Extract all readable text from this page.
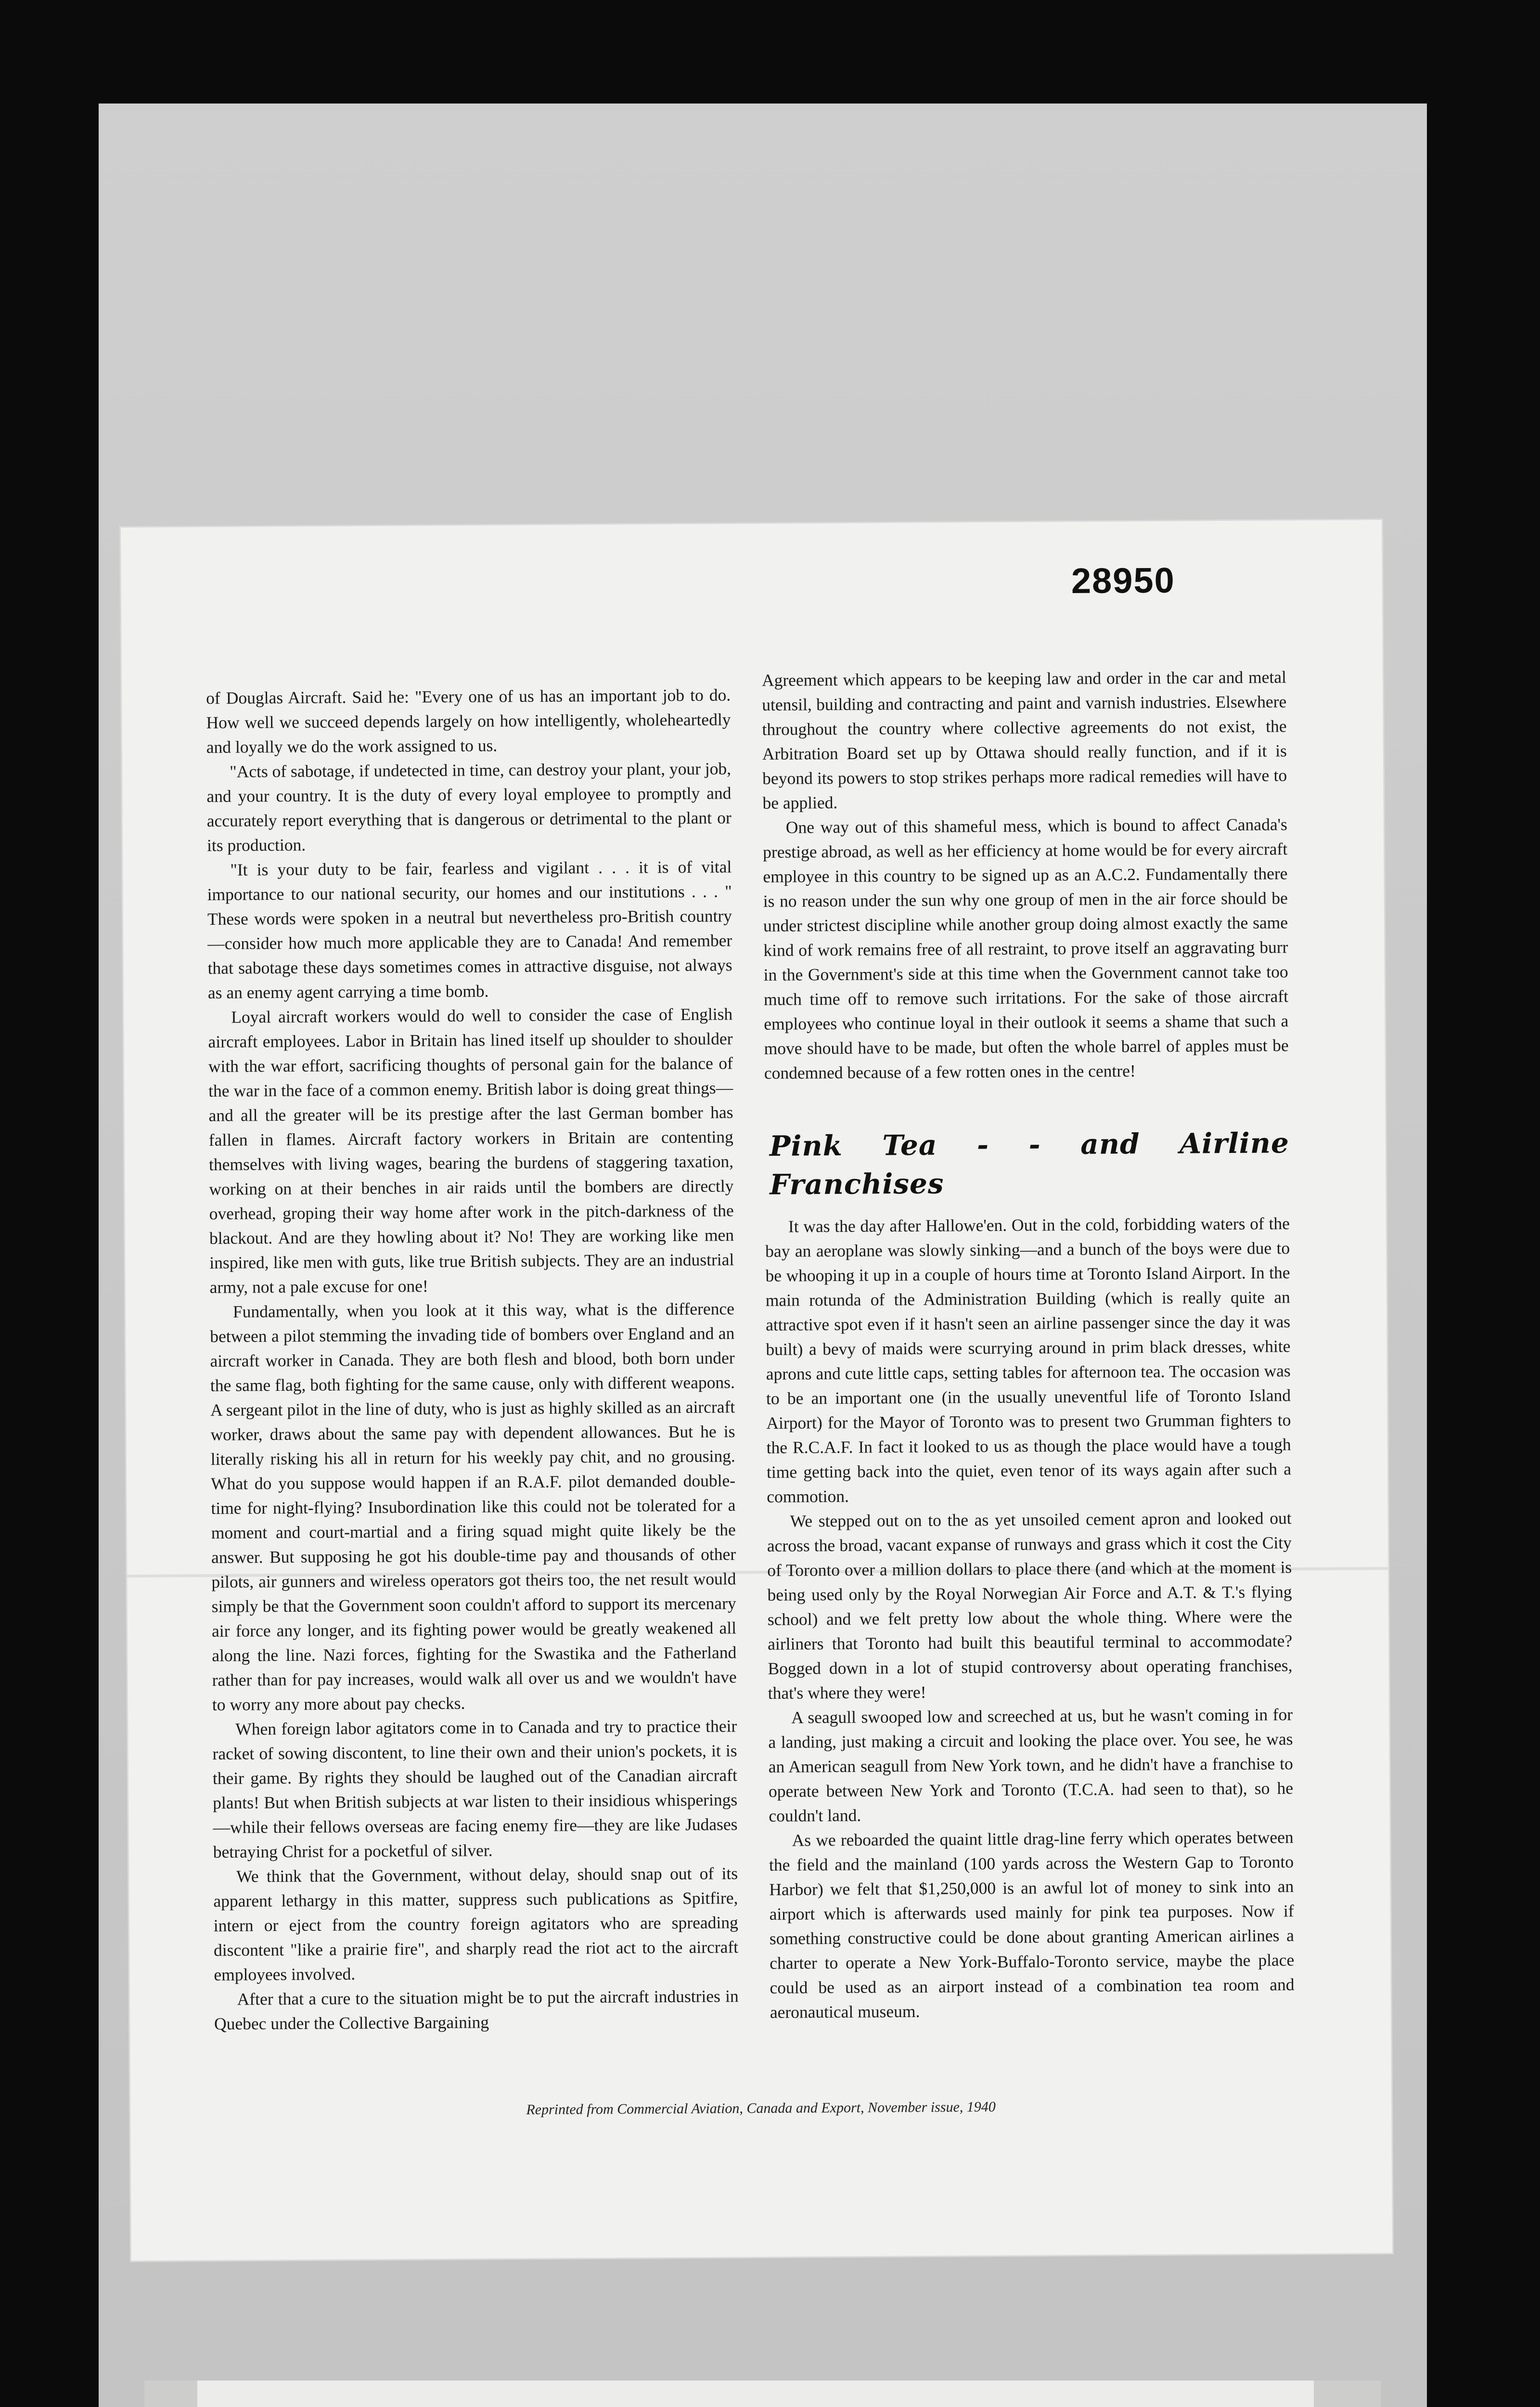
28950

of Douglas Aircraft. Said he: "Every one of us has an important job to do. How well we succeed depends largely on how intelligently, wholeheartedly and loyally we do the work assigned to us.

"Acts of sabotage, if undetected in time, can destroy your plant, your job, and your country. It is the duty of every loyal employee to promptly and accurately report everything that is dangerous or detrimental to the plant or its production.

"It is your duty to be fair, fearless and vigilant . . . it is of vital importance to our national security, our homes and our institutions . . . " These words were spoken in a neutral but nevertheless pro-British country—consider how much more applicable they are to Canada! And remember that sabotage these days sometimes comes in attractive disguise, not always as an enemy agent carrying a time bomb.

Loyal aircraft workers would do well to consider the case of English aircraft employees. Labor in Britain has lined itself up shoulder to shoulder with the war effort, sacrificing thoughts of personal gain for the balance of the war in the face of a common enemy. British labor is doing great things—and all the greater will be its prestige after the last German bomber has fallen in flames. Aircraft factory workers in Britain are contenting themselves with living wages, bearing the burdens of staggering taxation, working on at their benches in air raids until the bombers are directly overhead, groping their way home after work in the pitch-darkness of the blackout. And are they howling about it? No! They are working like men inspired, like men with guts, like true British subjects. They are an industrial army, not a pale excuse for one!

Fundamentally, when you look at it this way, what is the difference between a pilot stemming the invading tide of bombers over England and an aircraft worker in Canada. They are both flesh and blood, both born under the same flag, both fighting for the same cause, only with different weapons. A sergeant pilot in the line of duty, who is just as highly skilled as an aircraft worker, draws about the same pay with dependent allowances. But he is literally risking his all in return for his weekly pay chit, and no grousing. What do you suppose would happen if an R.A.F. pilot demanded double-time for night-flying? Insubordination like this could not be tolerated for a moment and court-martial and a firing squad might quite likely be the answer. But supposing he got his double-time pay and thousands of other pilots, air gunners and wireless operators got theirs too, the net result would simply be that the Government soon couldn't afford to support its mercenary air force any longer, and its fighting power would be greatly weakened all along the line. Nazi forces, fighting for the Swastika and the Fatherland rather than for pay increases, would walk all over us and we wouldn't have to worry any more about pay checks.

When foreign labor agitators come in to Canada and try to practice their racket of sowing discontent, to line their own and their union's pockets, it is their game. By rights they should be laughed out of the Canadian aircraft plants! But when British subjects at war listen to their insidious whisperings—while their fellows overseas are facing enemy fire—they are like Judases betraying Christ for a pocketful of silver.

We think that the Government, without delay, should snap out of its apparent lethargy in this matter, suppress such publications as Spitfire, intern or eject from the country foreign agitators who are spreading discontent "like a prairie fire", and sharply read the riot act to the aircraft employees involved.

After that a cure to the situation might be to put the aircraft industries in Quebec under the Collective Bargaining

Agreement which appears to be keeping law and order in the car and metal utensil, building and contracting and paint and varnish industries. Elsewhere throughout the country where collective agreements do not exist, the Arbitration Board set up by Ottawa should really function, and if it is beyond its powers to stop strikes perhaps more radical remedies will have to be applied.

One way out of this shameful mess, which is bound to affect Canada's prestige abroad, as well as her efficiency at home would be for every aircraft employee in this country to be signed up as an A.C.2. Fundamentally there is no reason under the sun why one group of men in the air force should be under strictest discipline while another group doing almost exactly the same kind of work remains free of all restraint, to prove itself an aggravating burr in the Government's side at this time when the Government cannot take too much time off to remove such irritations. For the sake of those aircraft employees who continue loyal in their outlook it seems a shame that such a move should have to be made, but often the whole barrel of apples must be condemned because of a few rotten ones in the centre!

Pink Tea - - and Airline Franchises

It was the day after Hallowe'en. Out in the cold, forbidding waters of the bay an aeroplane was slowly sinking—and a bunch of the boys were due to be whooping it up in a couple of hours time at Toronto Island Airport. In the main rotunda of the Administration Building (which is really quite an attractive spot even if it hasn't seen an airline passenger since the day it was built) a bevy of maids were scurrying around in prim black dresses, white aprons and cute little caps, setting tables for afternoon tea. The occasion was to be an important one (in the usually uneventful life of Toronto Island Airport) for the Mayor of Toronto was to present two Grumman fighters to the R.C.A.F. In fact it looked to us as though the place would have a tough time getting back into the quiet, even tenor of its ways again after such a commotion.

We stepped out on to the as yet unsoiled cement apron and looked out across the broad, vacant expanse of runways and grass which it cost the City of Toronto over a million dollars to place there (and which at the moment is being used only by the Royal Norwegian Air Force and A.T. & T.'s flying school) and we felt pretty low about the whole thing. Where were the airliners that Toronto had built this beautiful terminal to accommodate? Bogged down in a lot of stupid controversy about operating franchises, that's where they were!

A seagull swooped low and screeched at us, but he wasn't coming in for a landing, just making a circuit and looking the place over. You see, he was an American seagull from New York town, and he didn't have a franchise to operate between New York and Toronto (T.C.A. had seen to that), so he couldn't land.

As we reboarded the quaint little drag-line ferry which operates between the field and the mainland (100 yards across the Western Gap to Toronto Harbor) we felt that $1,250,000 is an awful lot of money to sink into an airport which is afterwards used mainly for pink tea purposes. Now if something constructive could be done about granting American airlines a charter to operate a New York-Buffalo-Toronto service, maybe the place could be used as an airport instead of a combination tea room and aeronautical museum.

Reprinted from Commercial Aviation, Canada and Export, November issue, 1940
